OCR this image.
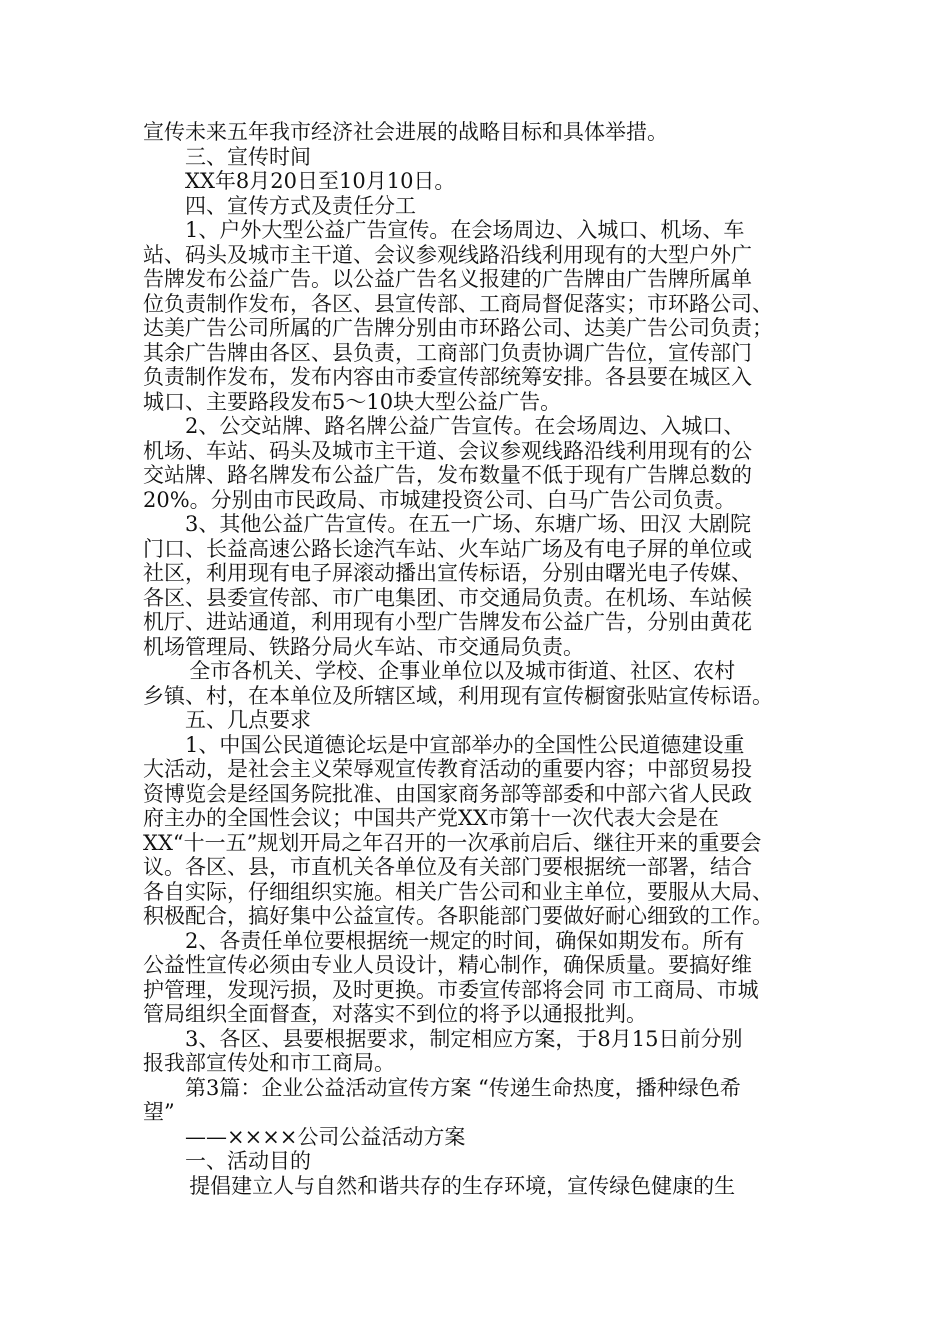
宣传未来五年我市经济社会进展的战略目标和具体举措。

三、宣传时间

XX年8月20日至10月10日。

四、宣传方式及责任分工

1、户外大型公益广告宣传。在会场周边、入城口、机场、车

站、码头及城市主干道、会议参观线路沿线利用现有的大型户外广

告牌发布公益广告。以公益广告名义报建的广告牌由广告牌所属单

位负责制作发布，各区、县宣传部、工商局督促落实；市环路公司、

达美广告公司所属的广告牌分别由市环路公司、达美广告公司负责；

其余广告牌由各区、县负责，工商部门负责协调广告位，宣传部门

负责制作发布，发布内容由市委宣传部统筹安排。各县要在城区入

城口、主要路段发布5～10块大型公益广告。

2、公交站牌、路名牌公益广告宣传。在会场周边、入城口、

机场、车站、码头及城市主干道、会议参观线路沿线利用现有的公

交站牌、路名牌发布公益广告，发布数量不低于现有广告牌总数的

20%。分别由市民政局、市城建投资公司、白马广告公司负责。

3、其他公益广告宣传。在五一广场、东塘广场、田汉 大剧院

门口、长益高速公路长途汽车站、火车站广场及有电子屏的单位或

社区，利用现有电子屏滚动播出宣传标语，分别由曙光电子传媒、

各区、县委宣传部、市广电集团、市交通局负责。在机场、车站候

机厅、进站通道，利用现有小型广告牌发布公益广告，分别由黄花

机场管理局、铁路分局火车站、市交通局负责。

全市各机关、学校、企事业单位以及城市街道、社区、农村

乡镇、村，在本单位及所辖区域，利用现有宣传橱窗张贴宣传标语。

五、几点要求

1、中国公民道德论坛是中宣部举办的全国性公民道德建设重

大活动，是社会主义荣辱观宣传教育活动的重要内容；中部贸易投

资博览会是经国务院批准、由国家商务部等部委和中部六省人民政

府主办的全国性会议；中国共产党XX市第十一次代表大会是在

XX“十一五”规划开局之年召开的一次承前启后、继往开来的重要会

议。各区、县，市直机关各单位及有关部门要根据统一部署，结合

各自实际，仔细组织实施。相关广告公司和业主单位，要服从大局、

积极配合，搞好集中公益宣传。各职能部门要做好耐心细致的工作。

2、各责任单位要根据统一规定的时间，确保如期发布。所有

公益性宣传必须由专业人员设计，精心制作，确保质量。要搞好维

护管理，发现污损，及时更换。市委宣传部将会同 市工商局、市城

管局组织全面督查，对落实不到位的将予以通报批判。

3、各区、县要根据要求，制定相应方案，于8月15日前分别

报我部宣传处和市工商局。

第3篇：企业公益活动宣传方案 “传递生命热度，播种绿色希

望”

——××××公司公益活动方案

一、活动目的

提倡建立人与自然和谐共存的生存环境，宣传绿色健康的生
